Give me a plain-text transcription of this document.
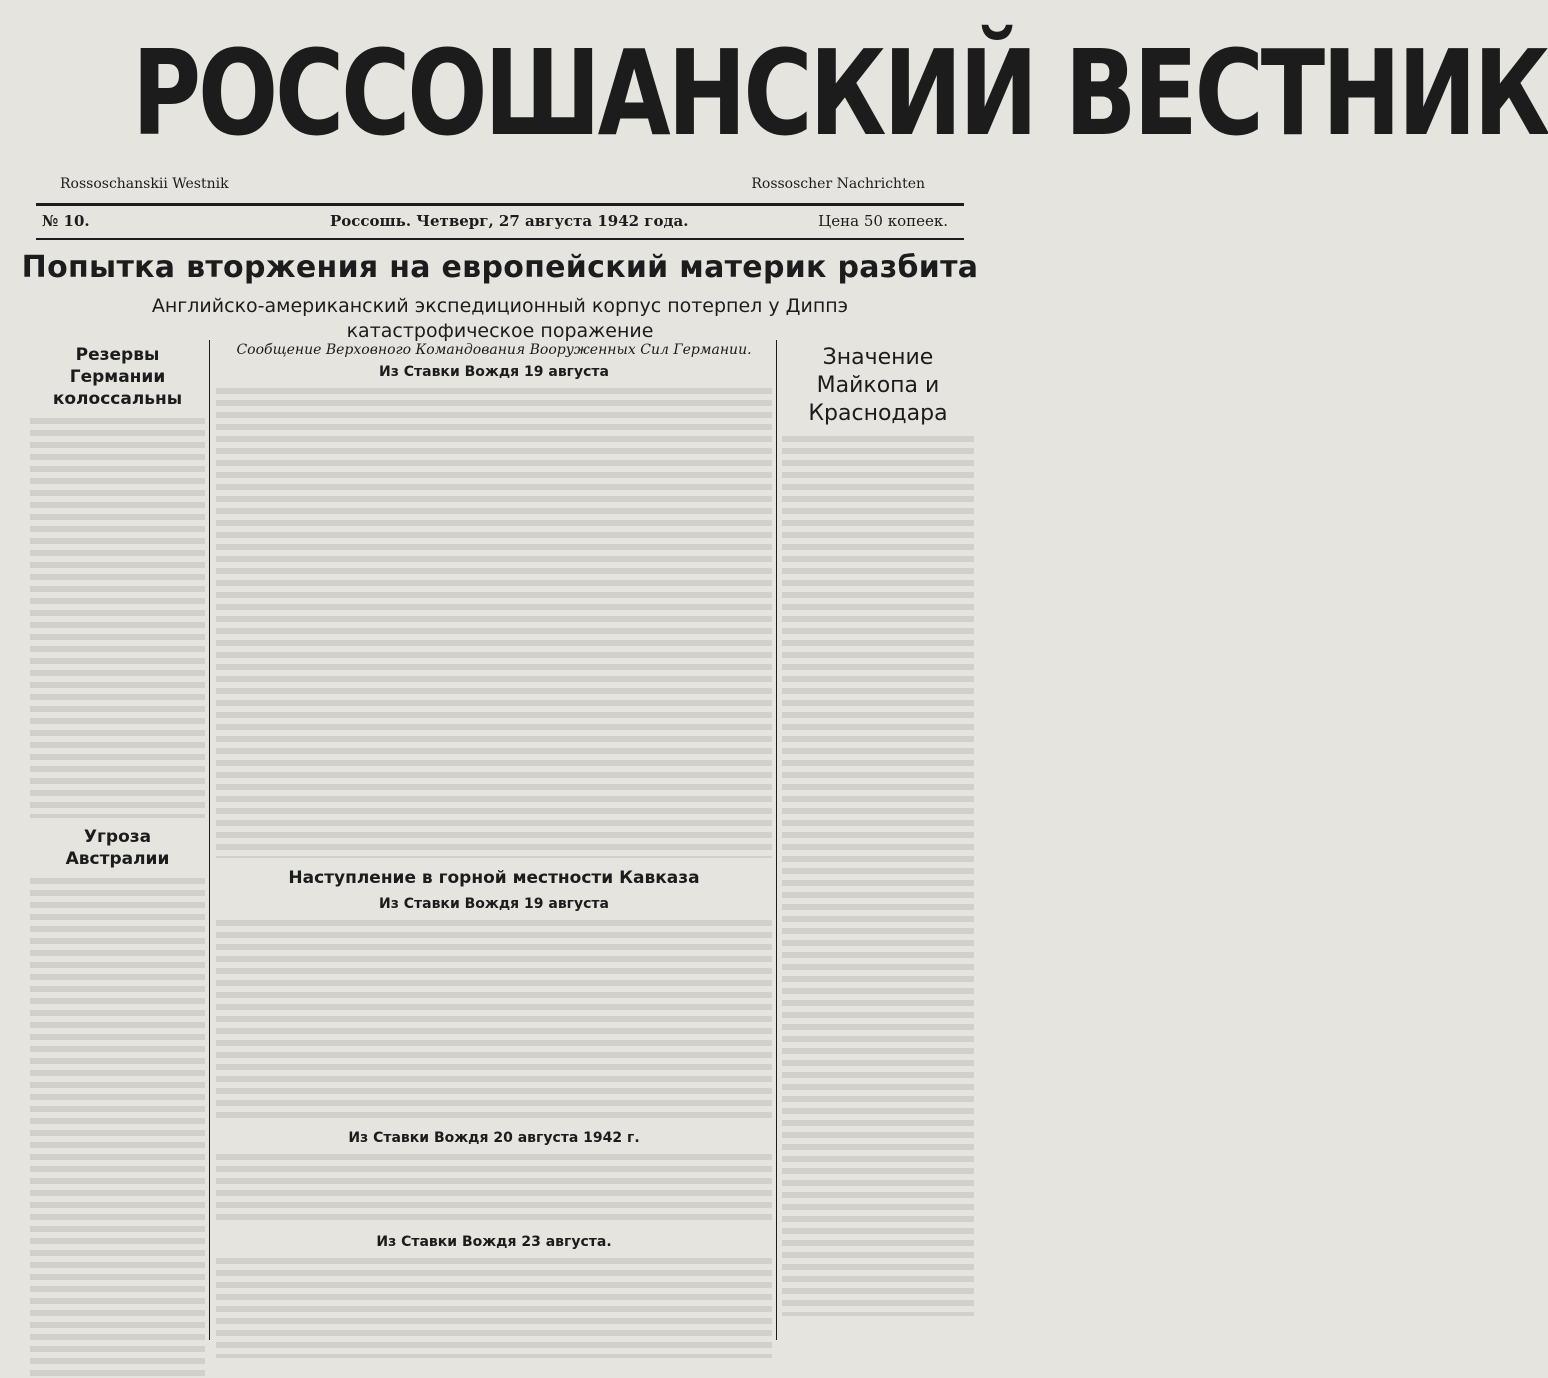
РОССОШАНСКИЙ ВЕСТНИК
Rossoschanskii Westnik	Rossoscher Nachrichten
№ 10.	Россошь. Четверг, 27 августа 1942 года.	Цена 50 копеек.
Попытка вторжения на европейский материк разбита
Английско-американский экспедиционный корпус потерпел у Диппэ катастрофическое поражение
Резервы Германии колоссальны
Угроза Австралии
Сообщение Верховного Командования Вооруженных Сил Германии.
Из Ставки Вождя 19 августа
Наступление в горной местности Кавказа
Из Ставки Вождя 19 августа
Из Ставки Вождя 20 августа 1942 г.
Из Ставки Вождя 23 августа.
Значение Майкопа и Краснодара
